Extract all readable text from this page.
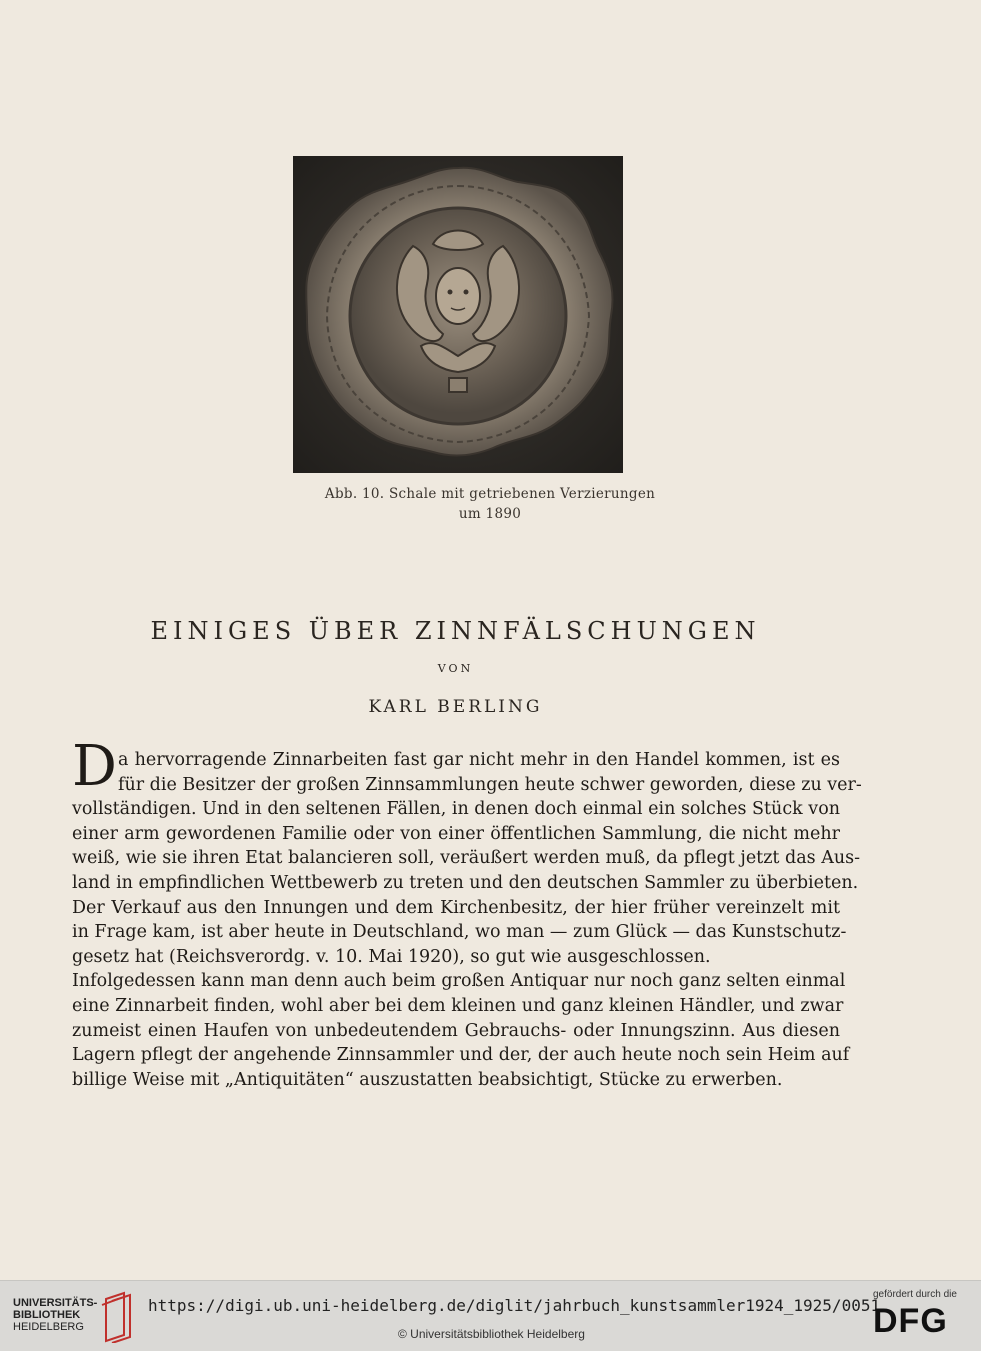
Abb. 10. Schale mit getriebenen Verzierungen
um 1890
EINIGES ÜBER ZINNFÄLSCHUNGEN
VON
KARL BERLING
D a hervorragende Zinnarbeiten fast gar nicht mehr in den Handel kommen, ist es
für die Besitzer der großen Zinnsammlungen heute schwer geworden, diese zu ver-
vollständigen. Und in den seltenen Fällen, in denen doch einmal ein solches Stück von
einer arm gewordenen Familie oder von einer öffentlichen Sammlung, die nicht mehr
weiß, wie sie ihren Etat balancieren soll, veräußert werden muß, da pflegt jetzt das Aus-
land in empfindlichen Wettbewerb zu treten und den deutschen Sammler zu überbieten.
Der Verkauf aus den Innungen und dem Kirchenbesitz, der hier früher vereinzelt mit
in Frage kam, ist aber heute in Deutschland, wo man — zum Glück — das Kunstschutz-
gesetz hat (Reichsverordg. v. 10. Mai 1920), so gut wie ausgeschlossen.
Infolgedessen kann man denn auch beim großen Antiquar nur noch ganz selten einmal
eine Zinnarbeit finden, wohl aber bei dem kleinen und ganz kleinen Händler, und zwar
zumeist einen Haufen von unbedeutendem Gebrauchs- oder Innungszinn. Aus diesen
Lagern pflegt der angehende Zinnsammler und der, der auch heute noch sein Heim auf
billige Weise mit „Antiquitäten“ auszustatten beabsichtigt, Stücke zu erwerben.
UNIVERSITÄTS-
BIBLIOTHEK
HEIDELBERG
https://digi.ub.uni-heidelberg.de/diglit/jahrbuch_kunstsammler1924_1925/0051
© Universitätsbibliothek Heidelberg
gefördert durch die
DFG
